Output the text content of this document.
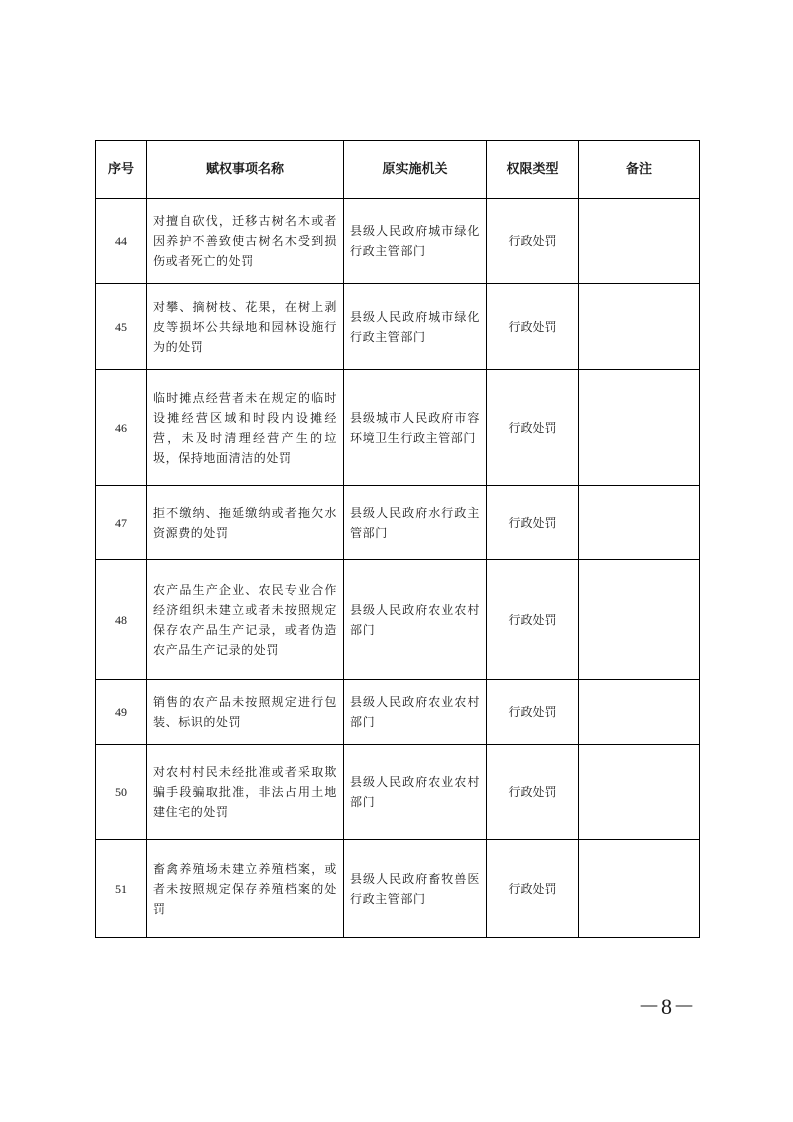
序号	赋权事项名称	原实施机关	权限类型	备注
44	对擅自砍伐，迁移古树名木或者因养护不善致使古树名木受到损伤或者死亡的处罚	县级人民政府城市绿化行政主管部门	行政处罚	
45	对攀、摘树枝、花果，在树上剥皮等损坏公共绿地和园林设施行为的处罚	县级人民政府城市绿化行政主管部门	行政处罚	
46	临时摊点经营者未在规定的临时设摊经营区域和时段内设摊经营，未及时清理经营产生的垃圾，保持地面清洁的处罚	县级城市人民政府市容环境卫生行政主管部门	行政处罚	
47	拒不缴纳、拖延缴纳或者拖欠水资源费的处罚	县级人民政府水行政主管部门	行政处罚	
48	农产品生产企业、农民专业合作经济组织未建立或者未按照规定保存农产品生产记录，或者伪造农产品生产记录的处罚	县级人民政府农业农村部门	行政处罚	
49	销售的农产品未按照规定进行包装、标识的处罚	县级人民政府农业农村部门	行政处罚	
50	对农村村民未经批准或者采取欺骗手段骗取批准，非法占用土地建住宅的处罚	县级人民政府农业农村部门	行政处罚	
51	畜禽养殖场未建立养殖档案，或者未按照规定保存养殖档案的处罚	县级人民政府畜牧兽医行政主管部门	行政处罚	
－8－
